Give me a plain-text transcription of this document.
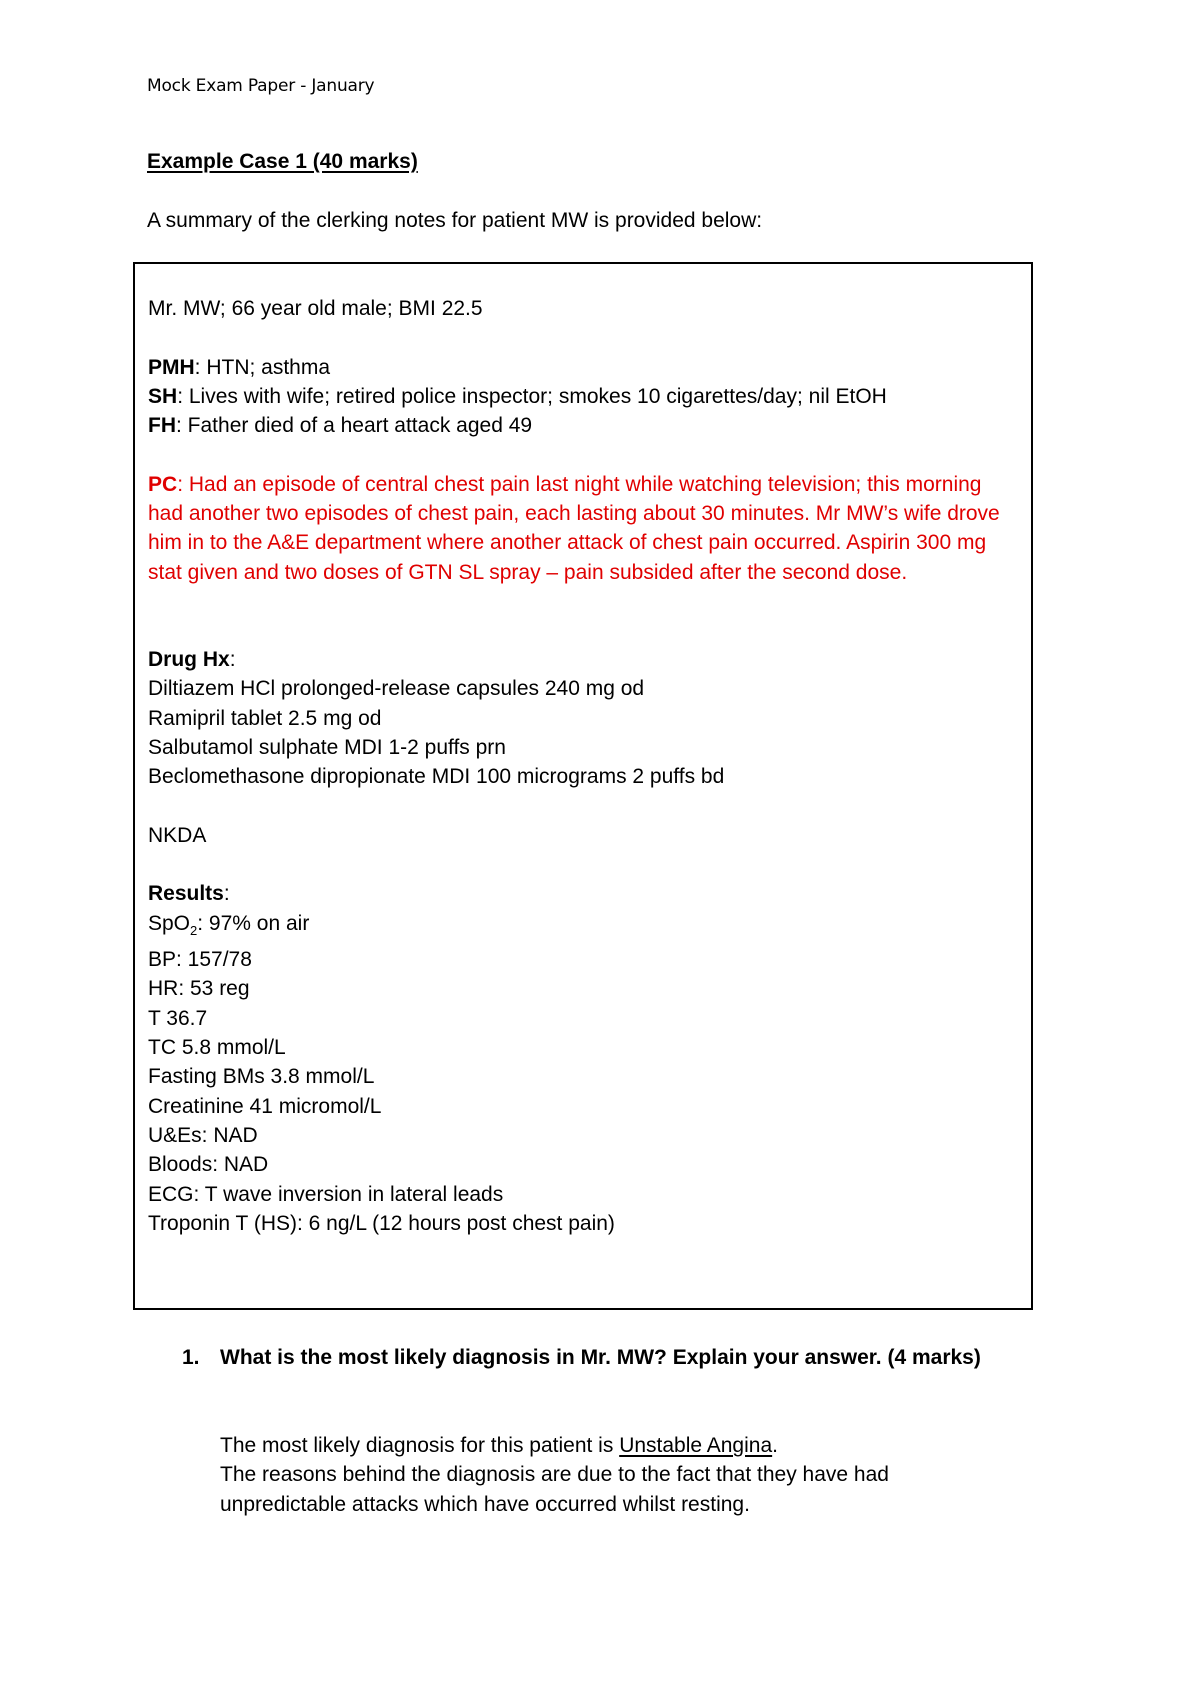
Mock Exam Paper - January
Example Case 1 (40 marks)
A summary of the clerking notes for patient MW is provided below:
Mr. MW; 66 year old male; BMI 22.5
PMH: HTN; asthma
SH: Lives with wife; retired police inspector; smokes 10 cigarettes/day; nil EtOH
FH: Father died of a heart attack aged 49
PC: Had an episode of central chest pain last night while watching television; this morning had another two episodes of chest pain, each lasting about 30 minutes. Mr MW’s wife drove him in to the A&E department where another attack of chest pain occurred. Aspirin 300 mg stat given and two doses of GTN SL spray – pain subsided after the second dose.
Drug Hx:
Diltiazem HCl prolonged-release capsules 240 mg od
Ramipril tablet 2.5 mg od
Salbutamol sulphate MDI 1-2 puffs prn
Beclomethasone dipropionate MDI 100 micrograms 2 puffs bd
NKDA
Results:
SpO$_2$: 97% on air
BP: 157/78
HR: 53 reg
T 36.7
TC 5.8 mmol/L
Fasting BMs 3.8 mmol/L
Creatinine 41 micromol/L
U&Es: NAD
Bloods: NAD
ECG: T wave inversion in lateral leads
Troponin T (HS): 6 ng/L (12 hours post chest pain)
1. What is the most likely diagnosis in Mr. MW? Explain your answer. (4 marks)
The most likely diagnosis for this patient is Unstable Angina.
The reasons behind the diagnosis are due to the fact that they have had unpredictable attacks which have occurred whilst resting.
